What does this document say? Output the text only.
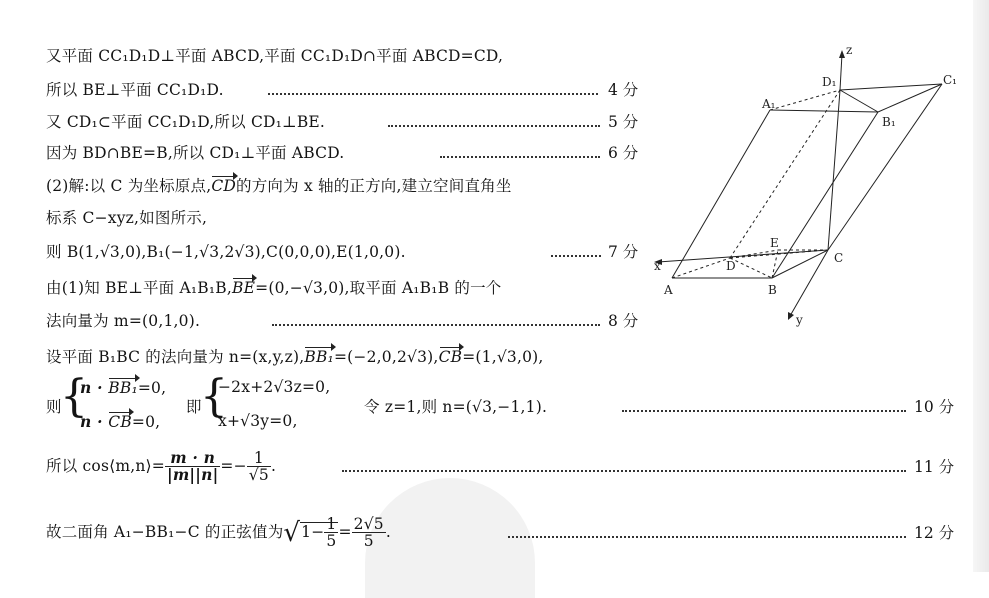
又平面 CC₁D₁D⊥平面 ABCD,平面 CC₁D₁D∩平面 ABCD=CD,
所以 BE⊥平面 CC₁D₁D.	4 分
又 CD₁⊂平面 CC₁D₁D,所以 CD₁⊥BE.	5 分
因为 BD∩BE=B,所以 CD₁⊥平面 ABCD.	6 分
(2)解:以 C 为坐标原点,CD的方向为 x 轴的正方向,建立空间直角坐
标系 C−xyz,如图所示,
则 B(1,√3,0),B₁(−1,√3,2√3),C(0,0,0),E(1,0,0).	7 分
由(1)知 BE⊥平面 A₁B₁B,BE=(0,−√3,0),取平面 A₁B₁B 的一个
法向量为 m=(0,1,0).	8 分
设平面 B₁BC 的法向量为 n=(x,y,z),BB₁=(−2,0,2√3),CB=(1,√3,0),
则
{
n · BB₁=0,
n · CB=0,
即
{
−2x+2√3z=0,
x+√3y=0,
令 z=1,则 n=(√3,−1,1).	10 分
所以 cos⟨m,n⟩= $\frac{m \cdot n}{|m||n|} =- \frac{1}{√5}$ .	11 分
故二面角 A₁−BB₁−C 的正弦值为$√1- \frac{1}{5} = \frac{2√5}{5}$ .	12 分
z
D₁	C₁
A₁
B₁
E
D
C
x
A	B
y
